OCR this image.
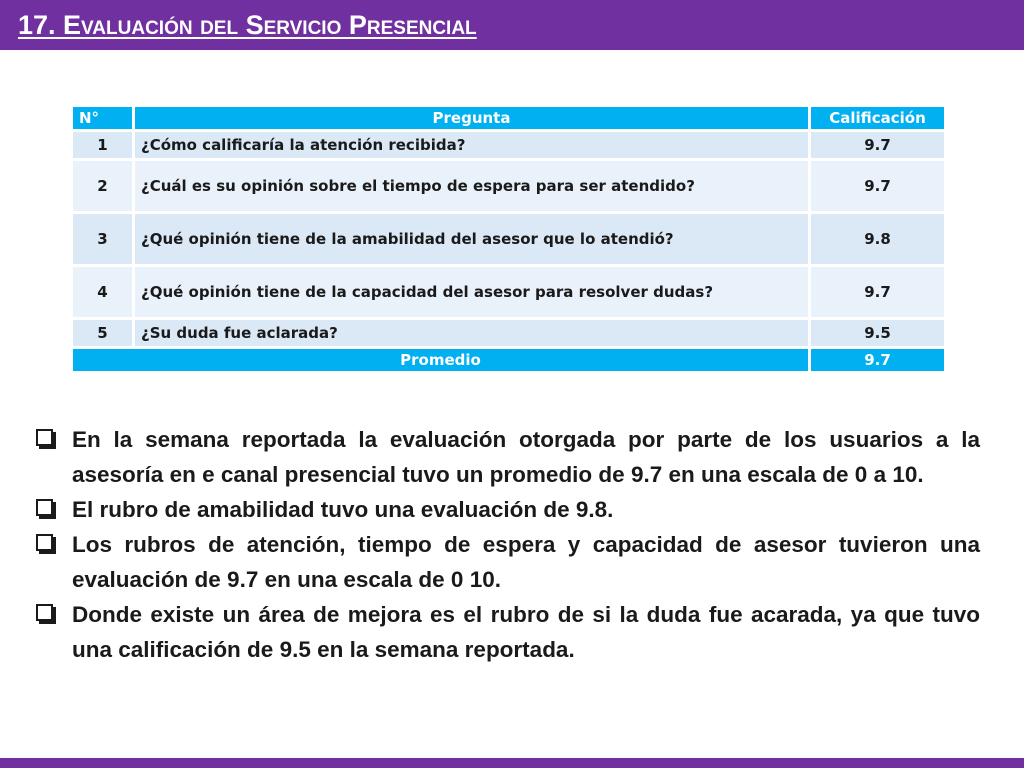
17. Evaluación del Servicio Presencial
N°	Pregunta	Calificación
1	¿Cómo calificaría la atención recibida?	9.7
2	¿Cuál es su opinión sobre el tiempo de espera para ser atendido?	9.7
3	¿Qué opinión tiene de la amabilidad del asesor que lo atendió?	9.8
4	¿Qué opinión tiene de la capacidad del asesor para resolver dudas?	9.7
5	¿Su duda fue aclarada?	9.5
Promedio		9.7
En la semana reportada la evaluación otorgada por parte de los usuarios a la asesoría en e canal presencial tuvo un promedio de 9.7 en una escala de 0 a 10.
El rubro de amabilidad tuvo una evaluación de 9.8.
Los rubros de atención, tiempo de espera y capacidad de asesor tuvieron una evaluación de 9.7 en una escala de 0 10.
Donde existe un área de mejora es el rubro de si la duda fue acarada, ya que tuvo una calificación de 9.5 en la semana reportada.
